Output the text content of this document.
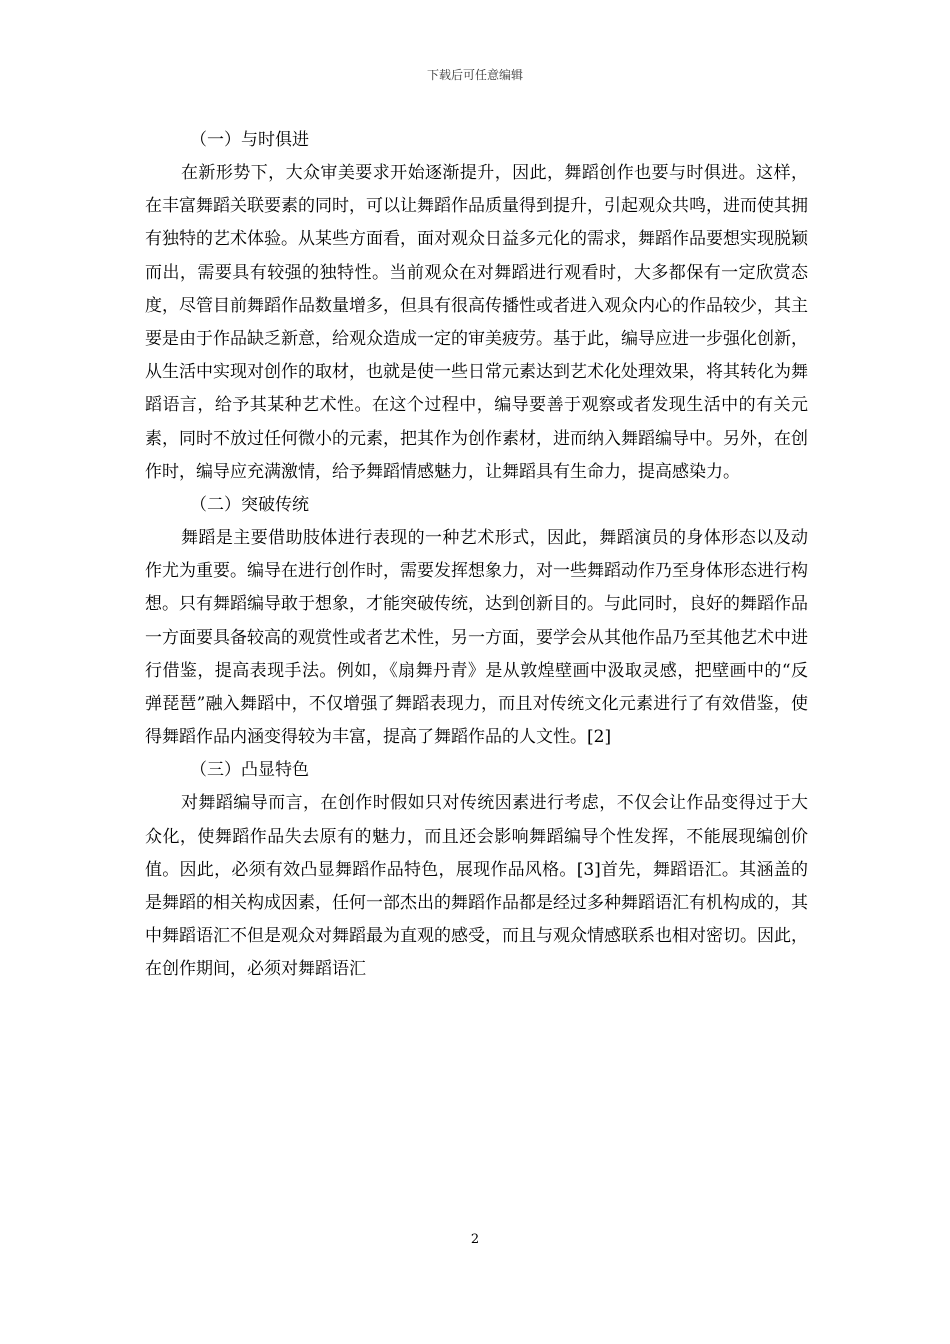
下载后可任意编辑
（一）与时俱进

在新形势下，大众审美要求开始逐渐提升，因此，舞蹈创作也要与时俱进。这样，在丰富舞蹈关联要素的同时，可以让舞蹈作品质量得到提升，引起观众共鸣，进而使其拥有独特的艺术体验。从某些方面看，面对观众日益多元化的需求，舞蹈作品要想实现脱颖而出，需要具有较强的独特性。当前观众在对舞蹈进行观看时，大多都保有一定欣赏态度，尽管目前舞蹈作品数量增多，但具有很高传播性或者进入观众内心的作品较少，其主要是由于作品缺乏新意，给观众造成一定的审美疲劳。基于此，编导应进一步强化创新，从生活中实现对创作的取材，也就是使一些日常元素达到艺术化处理效果，将其转化为舞蹈语言，给予其某种艺术性。在这个过程中，编导要善于观察或者发现生活中的有关元素，同时不放过任何微小的元素，把其作为创作素材，进而纳入舞蹈编导中。另外，在创作时，编导应充满激情，给予舞蹈情感魅力，让舞蹈具有生命力，提高感染力。

（二）突破传统

舞蹈是主要借助肢体进行表现的一种艺术形式，因此，舞蹈演员的身体形态以及动作尤为重要。编导在进行创作时，需要发挥想象力，对一些舞蹈动作乃至身体形态进行构想。只有舞蹈编导敢于想象，才能突破传统，达到创新目的。与此同时，良好的舞蹈作品一方面要具备较高的观赏性或者艺术性，另一方面，要学会从其他作品乃至其他艺术中进行借鉴，提高表现手法。例如，《扇舞丹青》是从敦煌壁画中汲取灵感，把壁画中的“反弹琵琶”融入舞蹈中，不仅增强了舞蹈表现力，而且对传统文化元素进行了有效借鉴，使得舞蹈作品内涵变得较为丰富，提高了舞蹈作品的人文性。[2]

（三）凸显特色

对舞蹈编导而言，在创作时假如只对传统因素进行考虑，不仅会让作品变得过于大众化，使舞蹈作品失去原有的魅力，而且还会影响舞蹈编导个性发挥，不能展现编创价值。因此，必须有效凸显舞蹈作品特色，展现作品风格。[3]首先，舞蹈语汇。其涵盖的是舞蹈的相关构成因素，任何一部杰出的舞蹈作品都是经过多种舞蹈语汇有机构成的，其中舞蹈语汇不但是观众对舞蹈最为直观的感受，而且与观众情感联系也相对密切。因此，在创作期间，必须对舞蹈语汇

2
